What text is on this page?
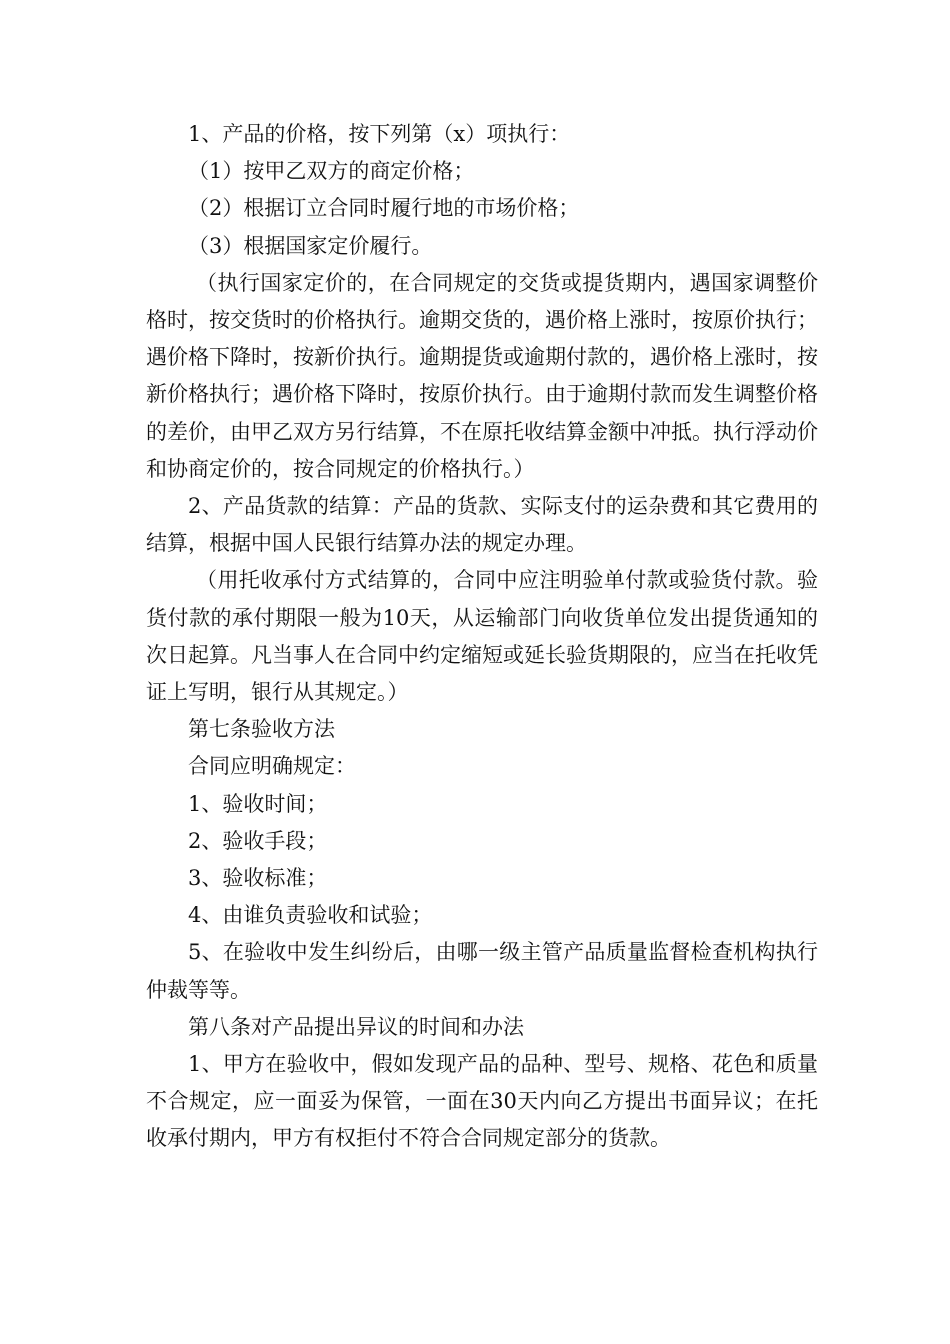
1、产品的价格，按下列第（x）项执行：

（1）按甲乙双方的商定价格；

（2）根据订立合同时履行地的市场价格；

（3）根据国家定价履行。

（执行国家定价的，在合同规定的交货或提货期内，遇国家调整价格时，按交货时的价格执行。逾期交货的，遇价格上涨时，按原价执行；遇价格下降时，按新价执行。逾期提货或逾期付款的，遇价格上涨时，按新价格执行；遇价格下降时，按原价执行。由于逾期付款而发生调整价格的差价，由甲乙双方另行结算，不在原托收结算金额中冲抵。执行浮动价和协商定价的，按合同规定的价格执行。）

2、产品货款的结算：产品的货款、实际支付的运杂费和其它费用的结算，根据中国人民银行结算办法的规定办理。

（用托收承付方式结算的，合同中应注明验单付款或验货付款。验货付款的承付期限一般为10天，从运输部门向收货单位发出提货通知的次日起算。凡当事人在合同中约定缩短或延长验货期限的，应当在托收凭证上写明，银行从其规定。）

第七条验收方法

合同应明确规定：

1、验收时间；

2、验收手段；

3、验收标准；

4、由谁负责验收和试验；

5、在验收中发生纠纷后，由哪一级主管产品质量监督检查机构执行仲裁等等。

第八条对产品提出异议的时间和办法

1、甲方在验收中，假如发现产品的品种、型号、规格、花色和质量不合规定，应一面妥为保管，一面在30天内向乙方提出书面异议；在托收承付期内，甲方有权拒付不符合合同规定部分的货款。
